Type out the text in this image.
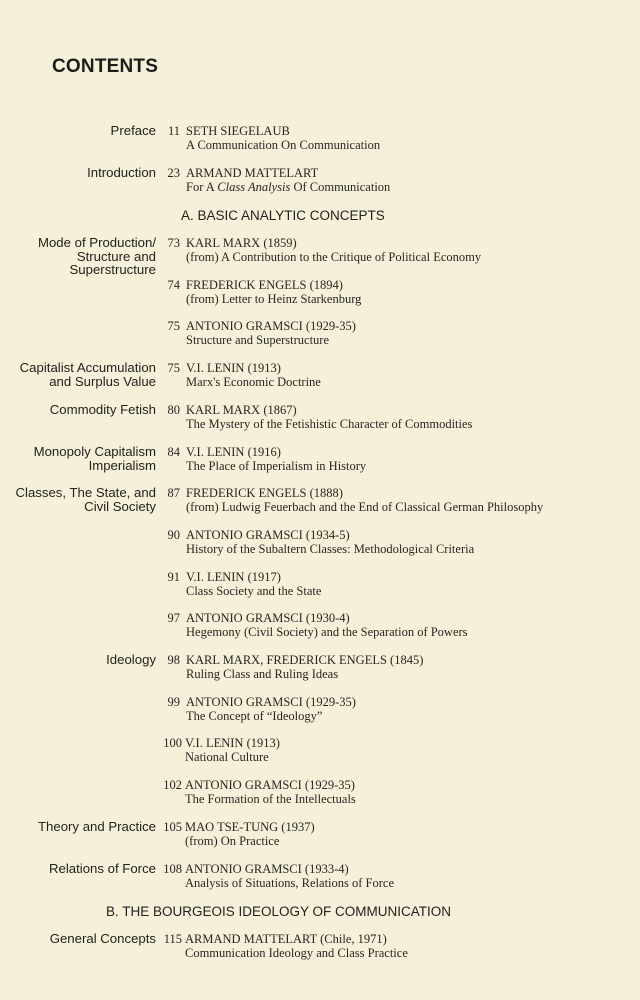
CONTENTS
A. BASIC ANALYTIC CONCEPTS
B. THE BOURGEOIS IDEOLOGY OF COMMUNICATION
Preface 11 SETH SIEGELAUB
A Communication On Communication
Introduction 23 ARMAND MATTELART
For A Class Analysis Of Communication
Mode of Production/
Structure and
Superstructure
73 KARL MARX (1859)
(from) A Contribution to the Critique of Political Economy
74 FREDERICK ENGELS (1894)
(from) Letter to Heinz Starkenburg
75 ANTONIO GRAMSCI (1929-35)
Structure and Superstructure
Capitalist Accumulation
and Surplus Value
75 V.I. LENIN (1913)
Marx's Economic Doctrine
Commodity Fetish 80 KARL MARX (1867)
The Mystery of the Fetishistic Character of Commodities
Monopoly Capitalism
Imperialism
84 V.I. LENIN (1916)
The Place of Imperialism in History
Classes, The State, and
Civil Society
87 FREDERICK ENGELS (1888)
(from) Ludwig Feuerbach and the End of Classical German Philosophy
90 ANTONIO GRAMSCI (1934-5)
History of the Subaltern Classes: Methodological Criteria
91 V.I. LENIN (1917)
Class Society and the State
97 ANTONIO GRAMSCI (1930-4)
Hegemony (Civil Society) and the Separation of Powers
Ideology 98 KARL MARX, FREDERICK ENGELS (1845)
Ruling Class and Ruling Ideas
99 ANTONIO GRAMSCI (1929-35)
The Concept of “Ideology”
100 V.I. LENIN (1913)
National Culture
102 ANTONIO GRAMSCI (1929-35)
The Formation of the Intellectuals
Theory and Practice 105 MAO TSE-TUNG (1937)
(from) On Practice
Relations of Force 108 ANTONIO GRAMSCI (1933-4)
Analysis of Situations, Relations of Force
General Concepts 115 ARMAND MATTELART (Chile, 1971)
Communication Ideology and Class Practice
